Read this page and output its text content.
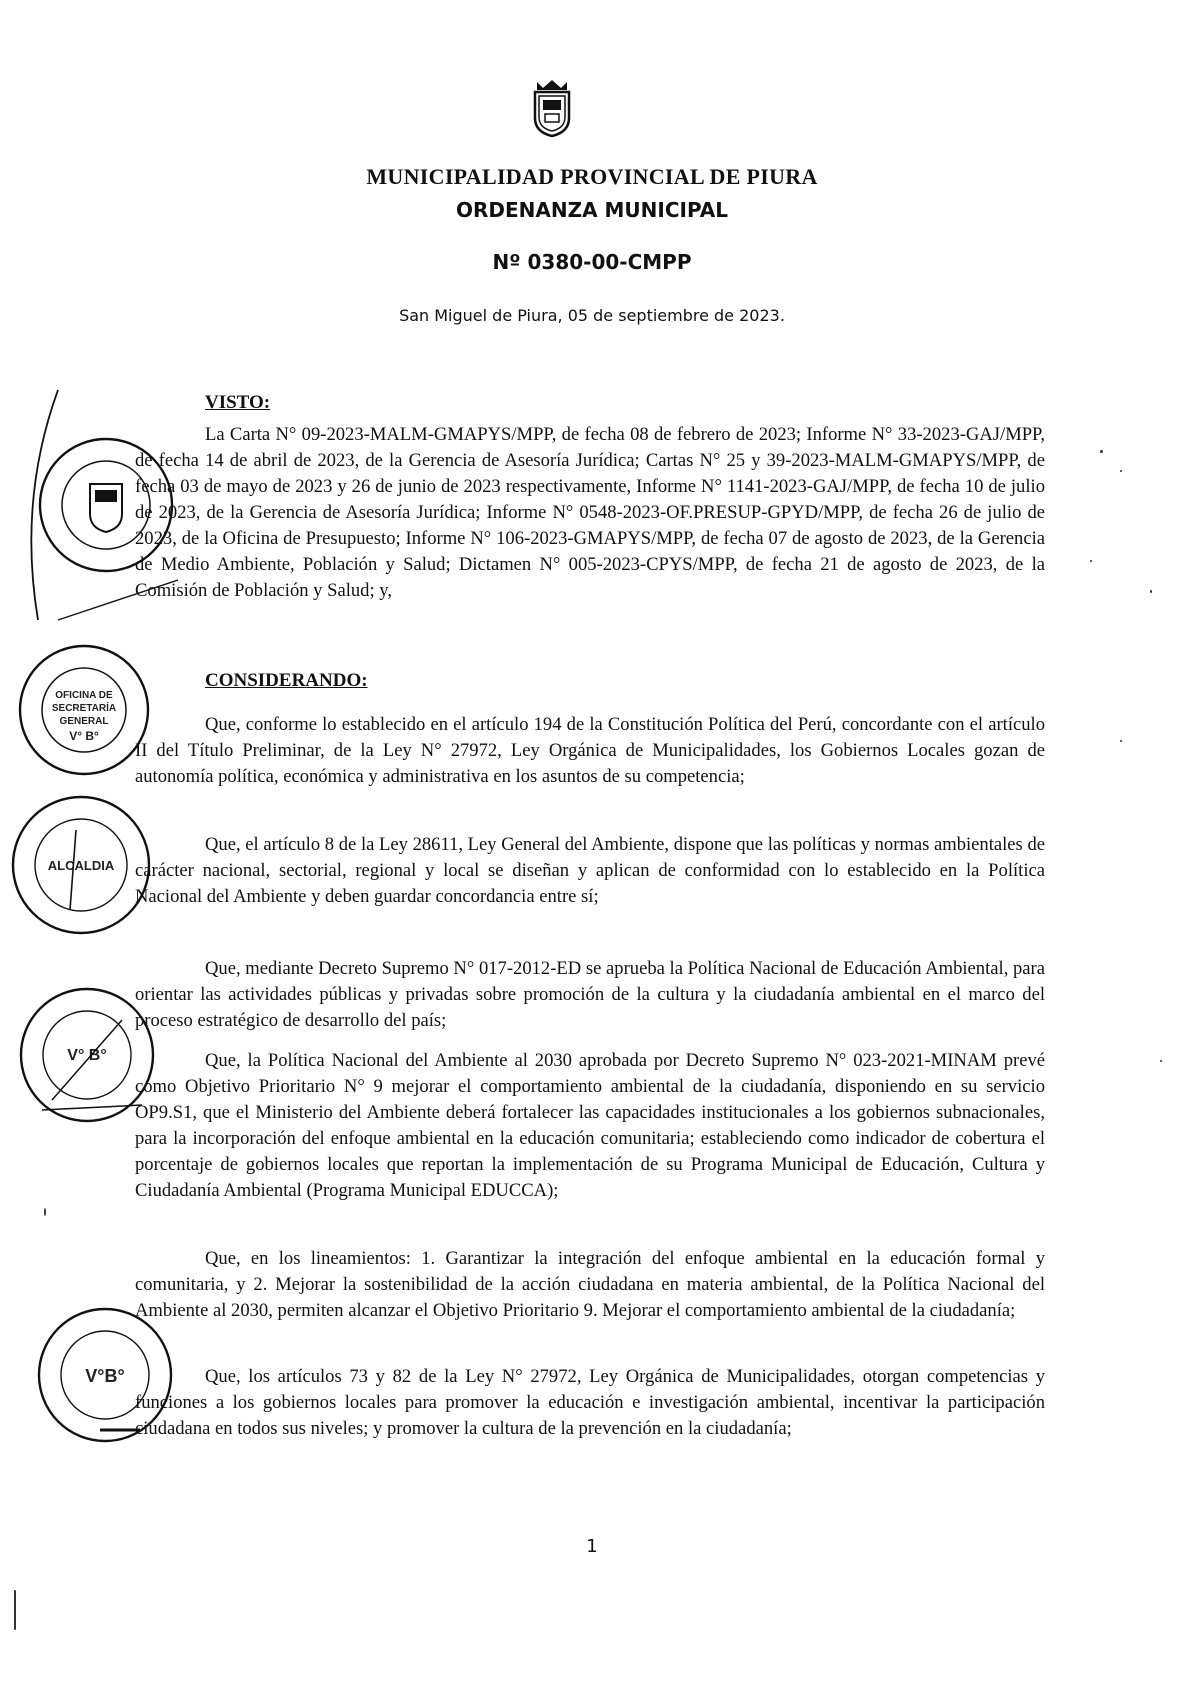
MUNICIPALIDAD PROVINCIAL DE PIURA
ORDENANZA MUNICIPAL
Nº 0380-00-CMPP
San Miguel de Piura, 05 de septiembre de 2023.
VISTO:

La Carta N° 09-2023-MALM-GMAPYS/MPP, de fecha 08 de febrero de 2023; Informe N° 33-2023-GAJ/MPP, de fecha 14 de abril de 2023, de la Gerencia de Asesoría Jurídica; Cartas N° 25 y 39-2023-MALM-GMAPYS/MPP, de fecha 03 de mayo de 2023 y 26 de junio de 2023 respectivamente, Informe N° 1141-2023-GAJ/MPP, de fecha 10 de julio de 2023, de la Gerencia de Asesoría Jurídica; Informe N° 0548-2023-OF.PRESUP-GPYD/MPP, de fecha 26 de julio de 2023, de la Oficina de Presupuesto; Informe N° 106-2023-GMAPYS/MPP, de fecha 07 de agosto de 2023, de la Gerencia de Medio Ambiente, Población y Salud; Dictamen N° 005-2023-CPYS/MPP, de fecha 21 de agosto de 2023, de la Comisión de Población y Salud; y,

CONSIDERANDO:

Que, conforme lo establecido en el artículo 194 de la Constitución Política del Perú, concordante con el artículo II del Título Preliminar, de la Ley N° 27972, Ley Orgánica de Municipalidades, los Gobiernos Locales gozan de autonomía política, económica y administrativa en los asuntos de su competencia;

Que, el artículo 8 de la Ley 28611, Ley General del Ambiente, dispone que las políticas y normas ambientales de carácter nacional, sectorial, regional y local se diseñan y aplican de conformidad con lo establecido en la Política Nacional del Ambiente y deben guardar concordancia entre sí;

Que, mediante Decreto Supremo N° 017-2012-ED se aprueba la Política Nacional de Educación Ambiental, para orientar las actividades públicas y privadas sobre promoción de la cultura y la ciudadanía ambiental en el marco del proceso estratégico de desarrollo del país;

Que, la Política Nacional del Ambiente al 2030 aprobada por Decreto Supremo N° 023-2021-MINAM prevé como Objetivo Prioritario N° 9 mejorar el comportamiento ambiental de la ciudadanía, disponiendo en su servicio OP9.S1, que el Ministerio del Ambiente deberá fortalecer las capacidades institucionales a los gobiernos subnacionales, para la incorporación del enfoque ambiental en la educación comunitaria; estableciendo como indicador de cobertura el porcentaje de gobiernos locales que reportan la implementación de su Programa Municipal de Educación, Cultura y Ciudadanía Ambiental (Programa Municipal EDUCCA);

Que, en los lineamientos: 1. Garantizar la integración del enfoque ambiental en la educación formal y comunitaria, y 2. Mejorar la sostenibilidad de la acción ciudadana en materia ambiental, de la Política Nacional del Ambiente al 2030, permiten alcanzar el Objetivo Prioritario 9. Mejorar el comportamiento ambiental de la ciudadanía;

Que, los artículos 73 y 82 de la Ley N° 27972, Ley Orgánica de Municipalidades, otorgan competencias y funciones a los gobiernos locales para promover la educación e investigación ambiental, incentivar la participación ciudadana en todos sus niveles; y promover la cultura de la prevención en la ciudadanía;

1
OFICINA DE
SECRETARÍA
GENERAL
V° B°
ALCALDIA
V° B°
V°B°
